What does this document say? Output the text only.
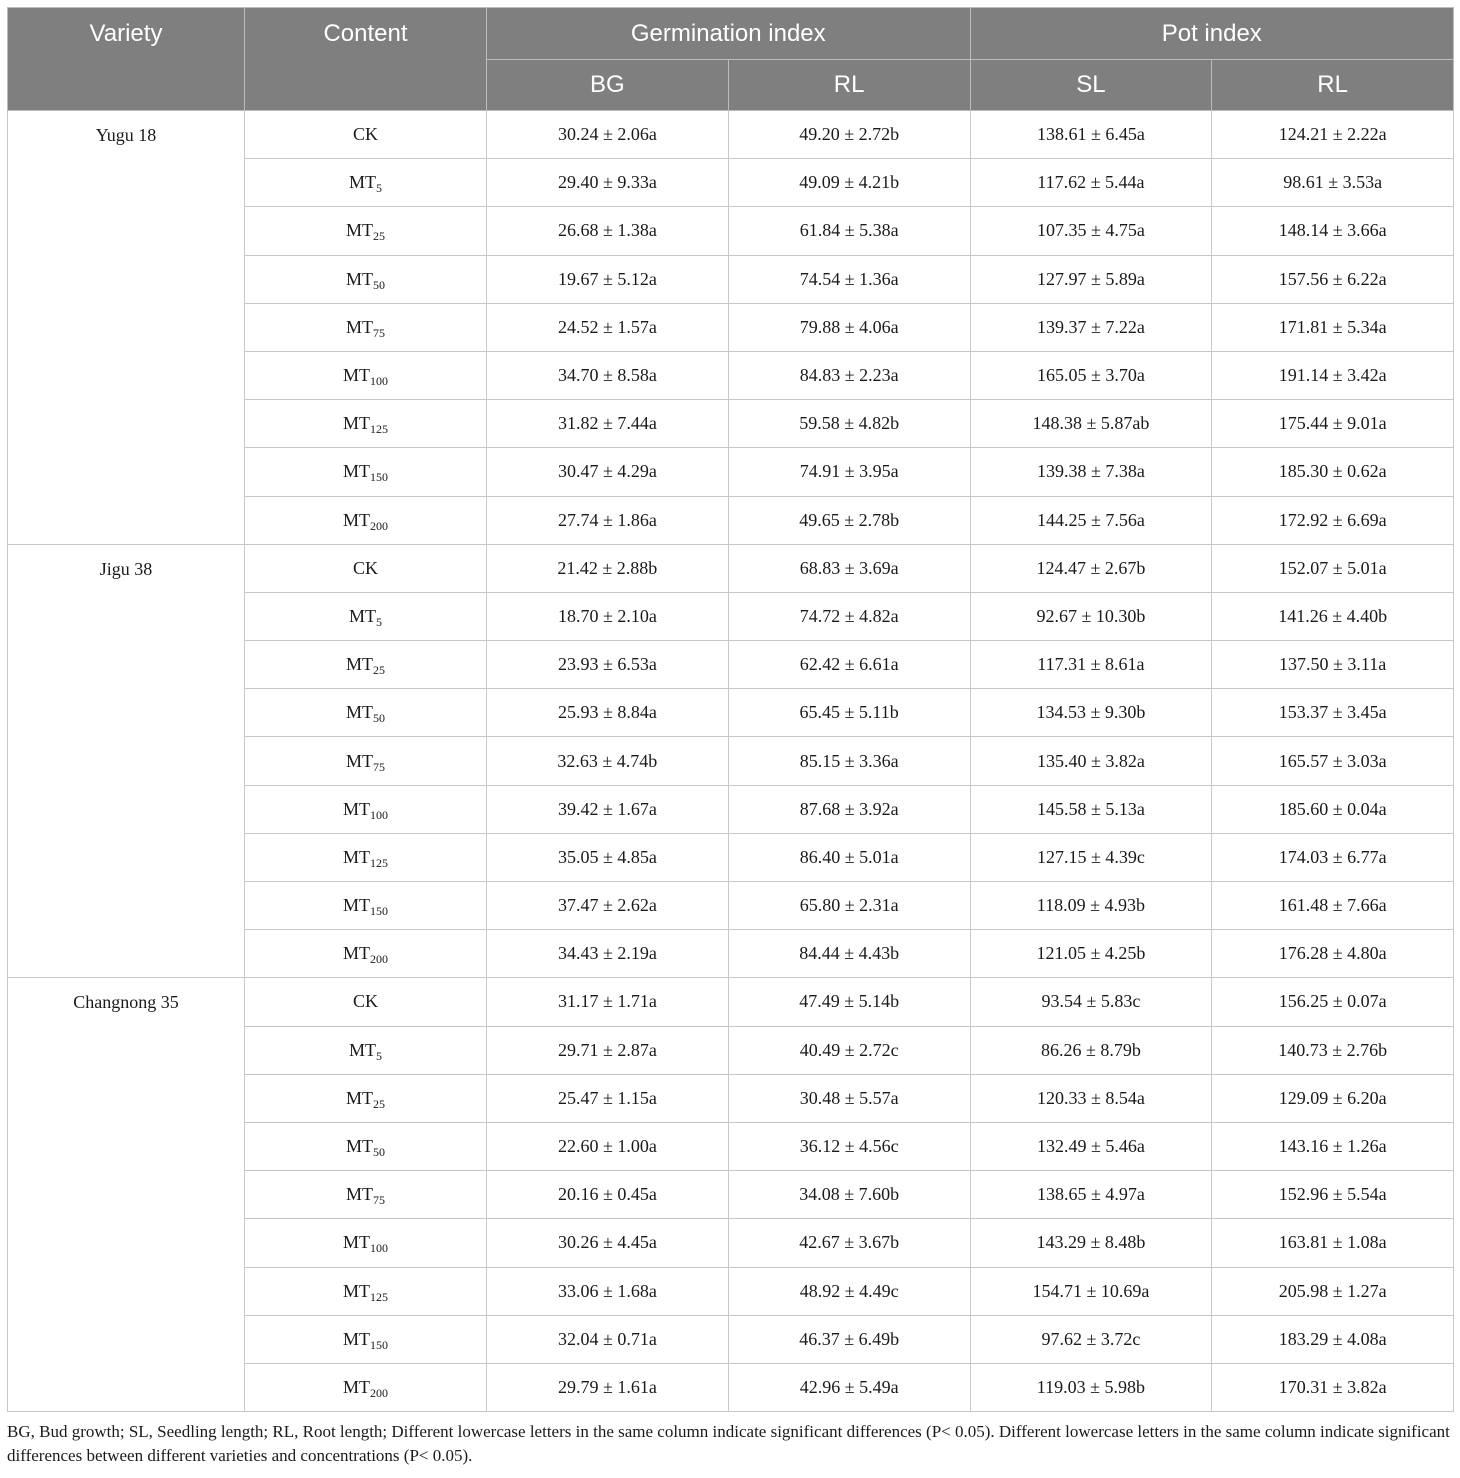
Variety	Content	Germination index		Pot index	
		BG	RL	SL	RL
Yugu 18	CK	30.24 ± 2.06a	49.20 ± 2.72b	138.61 ± 6.45a	124.21 ± 2.22a
	$MT_5$	29.40 ± 9.33a	49.09 ± 4.21b	117.62 ± 5.44a	98.61 ± 3.53a
	$MT_{25}$	26.68 ± 1.38a	61.84 ± 5.38a	107.35 ± 4.75a	148.14 ± 3.66a
	$MT_{50}$	19.67 ± 5.12a	74.54 ± 1.36a	127.97 ± 5.89a	157.56 ± 6.22a
	$MT_{75}$	24.52 ± 1.57a	79.88 ± 4.06a	139.37 ± 7.22a	171.81 ± 5.34a
	$MT_{100}$	34.70 ± 8.58a	84.83 ± 2.23a	165.05 ± 3.70a	191.14 ± 3.42a
	$MT_{125}$	31.82 ± 7.44a	59.58 ± 4.82b	148.38 ± 5.87ab	175.44 ± 9.01a
	$MT_{150}$	30.47 ± 4.29a	74.91 ± 3.95a	139.38 ± 7.38a	185.30 ± 0.62a
	$MT_{200}$	27.74 ± 1.86a	49.65 ± 2.78b	144.25 ± 7.56a	172.92 ± 6.69a
Jigu 38	CK	21.42 ± 2.88b	68.83 ± 3.69a	124.47 ± 2.67b	152.07 ± 5.01a
	$MT_5$	18.70 ± 2.10a	74.72 ± 4.82a	92.67 ± 10.30b	141.26 ± 4.40b
	$MT_{25}$	23.93 ± 6.53a	62.42 ± 6.61a	117.31 ± 8.61a	137.50 ± 3.11a
	$MT_{50}$	25.93 ± 8.84a	65.45 ± 5.11b	134.53 ± 9.30b	153.37 ± 3.45a
	$MT_{75}$	32.63 ± 4.74b	85.15 ± 3.36a	135.40 ± 3.82a	165.57 ± 3.03a
	$MT_{100}$	39.42 ± 1.67a	87.68 ± 3.92a	145.58 ± 5.13a	185.60 ± 0.04a
	$MT_{125}$	35.05 ± 4.85a	86.40 ± 5.01a	127.15 ± 4.39c	174.03 ± 6.77a
	$MT_{150}$	37.47 ± 2.62a	65.80 ± 2.31a	118.09 ± 4.93b	161.48 ± 7.66a
	$MT_{200}$	34.43 ± 2.19a	84.44 ± 4.43b	121.05 ± 4.25b	176.28 ± 4.80a
Changnong 35	CK	31.17 ± 1.71a	47.49 ± 5.14b	93.54 ± 5.83c	156.25 ± 0.07a
	$MT_5$	29.71 ± 2.87a	40.49 ± 2.72c	86.26 ± 8.79b	140.73 ± 2.76b
	$MT_{25}$	25.47 ± 1.15a	30.48 ± 5.57a	120.33 ± 8.54a	129.09 ± 6.20a
	$MT_{50}$	22.60 ± 1.00a	36.12 ± 4.56c	132.49 ± 5.46a	143.16 ± 1.26a
	$MT_{75}$	20.16 ± 0.45a	34.08 ± 7.60b	138.65 ± 4.97a	152.96 ± 5.54a
	$MT_{100}$	30.26 ± 4.45a	42.67 ± 3.67b	143.29 ± 8.48b	163.81 ± 1.08a
	$MT_{125}$	33.06 ± 1.68a	48.92 ± 4.49c	154.71 ± 10.69a	205.98 ± 1.27a
	$MT_{150}$	32.04 ± 0.71a	46.37 ± 6.49b	97.62 ± 3.72c	183.29 ± 4.08a
	$MT_{200}$	29.79 ± 1.61a	42.96 ± 5.49a	119.03 ± 5.98b	170.31 ± 3.82a
BG, Bud growth; SL, Seedling length; RL, Root length; Different lowercase letters in the same column indicate significant differences (P< 0.05). Different lowercase letters in the same column indicate significant differences between different varieties and concentrations (P< 0.05).
